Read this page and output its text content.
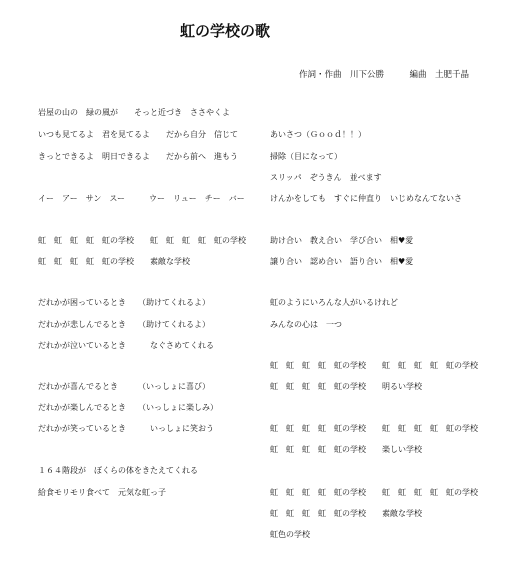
虹の学校の歌
作詞・作曲　川下公勝　　　編曲　土肥千晶
岩屋の山の　緑の風が　　そっと近づき　ささやくよ
いつも見てるよ　君を見てるよ　　だから自分　信じて
きっとできるよ　明日できるよ　　だから前へ　進もう
イー　アー　サン　スー　　　ウー　リュー　チー　バー
虹　虹　虹　虹　虹の学校　　虹　虹　虹　虹　虹の学校
虹　虹　虹　虹　虹の学校　　素敵な学校
だれかが困っているとき　　（助けてくれるよ）
だれかが悲しんでるとき　　（助けてくれるよ）
だれかが泣いているとき　　　なぐさめてくれる
だれかが喜んでるとき　　　（いっしょに喜び）
だれかが楽しんでるとき　　（いっしょに楽しみ）
だれかが笑っているとき　　　いっしょに笑おう
１６４階段が　ぼくらの体をきたえてくれる
給食モリモリ食べて　元気な虹っ子
あいさつ（Ｇｏｏｄ！！）
掃除（目になって）
スリッパ　ぞうきん　並べます
けんかをしても　すぐに仲直り　いじめなんてないさ
助け合い　教え合い　学び合い　相♥愛
譲り合い　認め合い　語り合い　相♥愛
虹のようにいろんな人がいるけれど
みんなの心は　一つ
虹　虹　虹　虹　虹の学校　　虹　虹　虹　虹　虹の学校
虹　虹　虹　虹　虹の学校　　明るい学校
虹　虹　虹　虹　虹の学校　　虹　虹　虹　虹　虹の学校
虹　虹　虹　虹　虹の学校　　楽しい学校
虹　虹　虹　虹　虹の学校　　虹　虹　虹　虹　虹の学校
虹　虹　虹　虹　虹の学校　　素敵な学校
虹色の学校
